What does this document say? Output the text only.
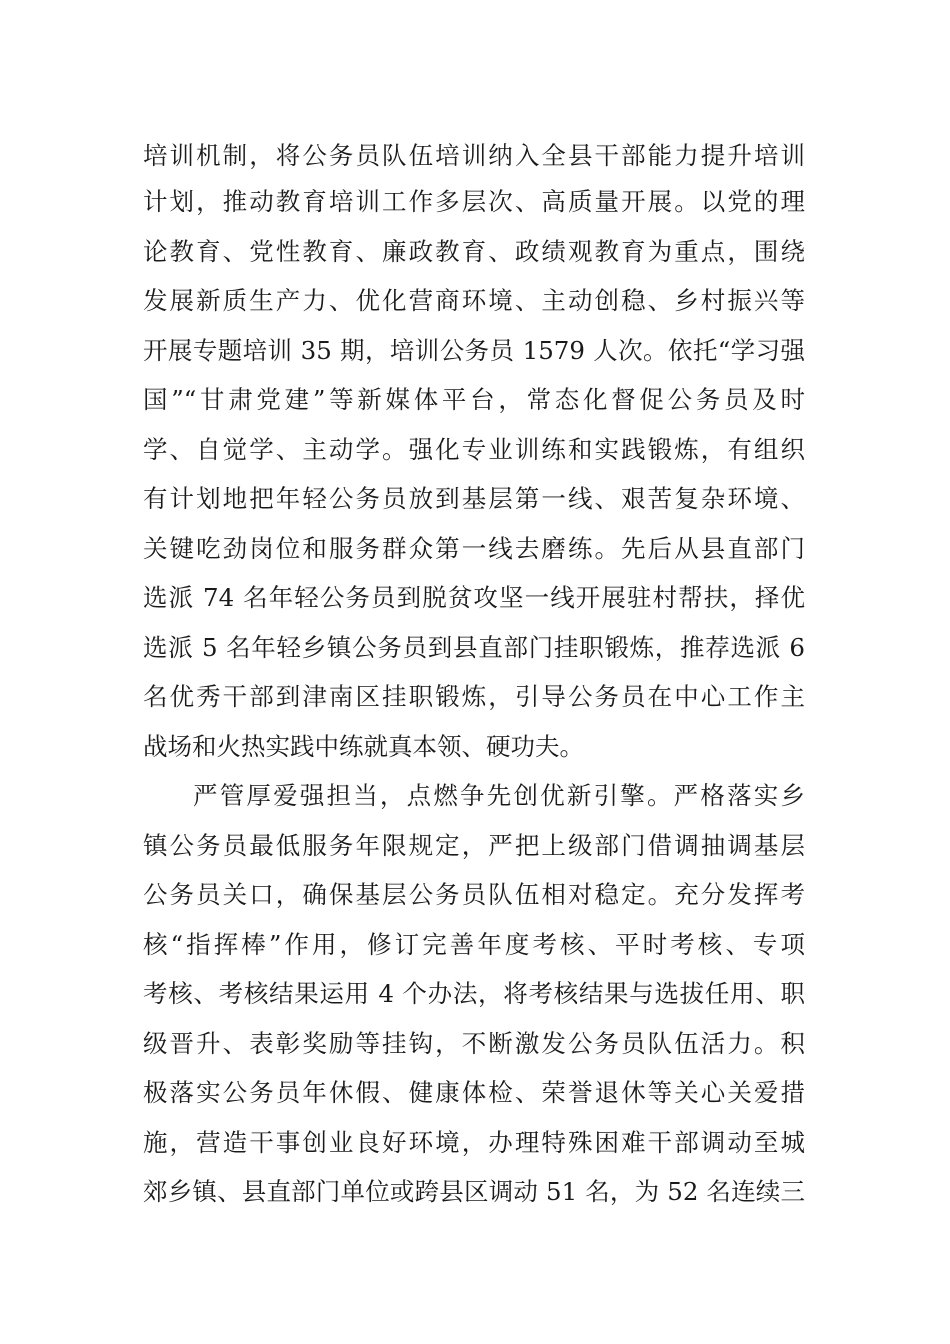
培训机制，将公务员队伍培训纳入全县干部能力提升培训
计划，推动教育培训工作多层次、高质量开展。以党的理
论教育、党性教育、廉政教育、政绩观教育为重点，围绕
发展新质生产力、优化营商环境、主动创稳、乡村振兴等
开展专题培训 35 期，培训公务员 1579 人次。依托“学习强
国”“甘肃党建”等新媒体平台，常态化督促公务员及时
学、自觉学、主动学。强化专业训练和实践锻炼，有组织
有计划地把年轻公务员放到基层第一线、艰苦复杂环境、
关键吃劲岗位和服务群众第一线去磨练。先后从县直部门
选派 74 名年轻公务员到脱贫攻坚一线开展驻村帮扶，择优
选派 5 名年轻乡镇公务员到县直部门挂职锻炼，推荐选派 6
名优秀干部到津南区挂职锻炼，引导公务员在中心工作主
战场和火热实践中练就真本领、硬功夫。
严管厚爱强担当，点燃争先创优新引擎。严格落实乡
镇公务员最低服务年限规定，严把上级部门借调抽调基层
公务员关口，确保基层公务员队伍相对稳定。充分发挥考
核“指挥棒”作用，修订完善年度考核、平时考核、专项
考核、考核结果运用 4 个办法，将考核结果与选拔任用、职
级晋升、表彰奖励等挂钩，不断激发公务员队伍活力。积
极落实公务员年休假、健康体检、荣誉退休等关心关爱措
施，营造干事创业良好环境，办理特殊困难干部调动至城
郊乡镇、县直部门单位或跨县区调动 51 名，为 52 名连续三
